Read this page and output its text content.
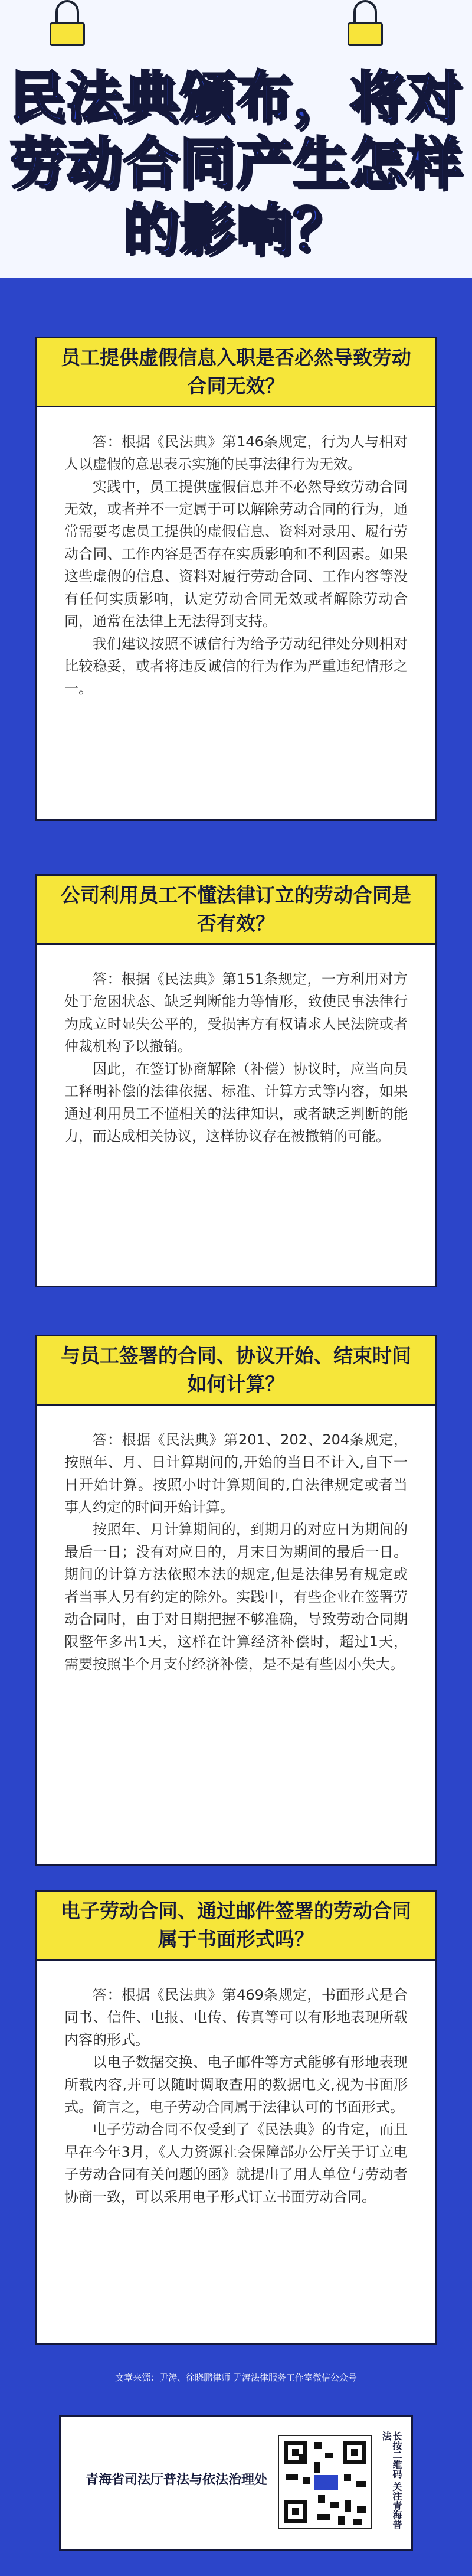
民法典颁布，将对
劳动合同产生怎样
的影响？
员工提供虚假信息入职是否必然导致劳动合同无效？

答：根据《民法典》第146条规定，行为人与相对人以虚假的意思表示实施的民事法律行为无效。

实践中，员工提供虚假信息并不必然导致劳动合同无效，或者并不一定属于可以解除劳动合同的行为，通常需要考虑员工提供的虚假信息、资料对录用、履行劳动合同、工作内容是否存在实质影响和不利因素。如果这些虚假的信息、资料对履行劳动合同、工作内容等没有任何实质影响，认定劳动合同无效或者解除劳动合同，通常在法律上无法得到支持。

我们建议按照不诚信行为给予劳动纪律处分则相对比较稳妥，或者将违反诚信的行为作为严重违纪情形之一。

公司利用员工不懂法律订立的劳动合同是否有效？

答：根据《民法典》第151条规定，一方利用对方处于危困状态、缺乏判断能力等情形，致使民事法律行为成立时显失公平的，受损害方有权请求人民法院或者仲裁机构予以撤销。

因此，在签订协商解除（补偿）协议时，应当向员工释明补偿的法律依据、标准、计算方式等内容，如果通过利用员工不懂相关的法律知识，或者缺乏判断的能力，而达成相关协议，这样协议存在被撤销的可能。

与员工签署的合同、协议开始、结束时间如何计算？

答：根据《民法典》第201、202、204条规定，按照年、月、日计算期间的,开始的当日不计入,自下一日开始计算。按照小时计算期间的,自法律规定或者当事人约定的时间开始计算。

按照年、月计算期间的，到期月的对应日为期间的最后一日；没有对应日的，月末日为期间的最后一日。期间的计算方法依照本法的规定,但是法律另有规定或者当事人另有约定的除外。实践中，有些企业在签署劳动合同时，由于对日期把握不够准确，导致劳动合同期限整年多出1天，这样在计算经济补偿时，超过1天，需要按照半个月支付经济补偿，是不是有些因小失大。

电子劳动合同、通过邮件签署的劳动合同属于书面形式吗？

答：根据《民法典》第469条规定，书面形式是合同书、信件、电报、电传、传真等可以有形地表现所载内容的形式。

以电子数据交换、电子邮件等方式能够有形地表现所载内容,并可以随时调取查用的数据电文,视为书面形式。简言之，电子劳动合同属于法律认可的书面形式。

电子劳动合同不仅受到了《民法典》的肯定，而且早在今年3月，《人力资源社会保障部办公厅关于订立电子劳动合同有关问题的函》就提出了用人单位与劳动者协商一致，可以采用电子形式订立书面劳动合同。

文章来源：尹涛、徐晓鹏律师 尹涛法律服务工作室微信公众号
青海省司法厅普法与依法治理处	长按二维码 关注青海普法
